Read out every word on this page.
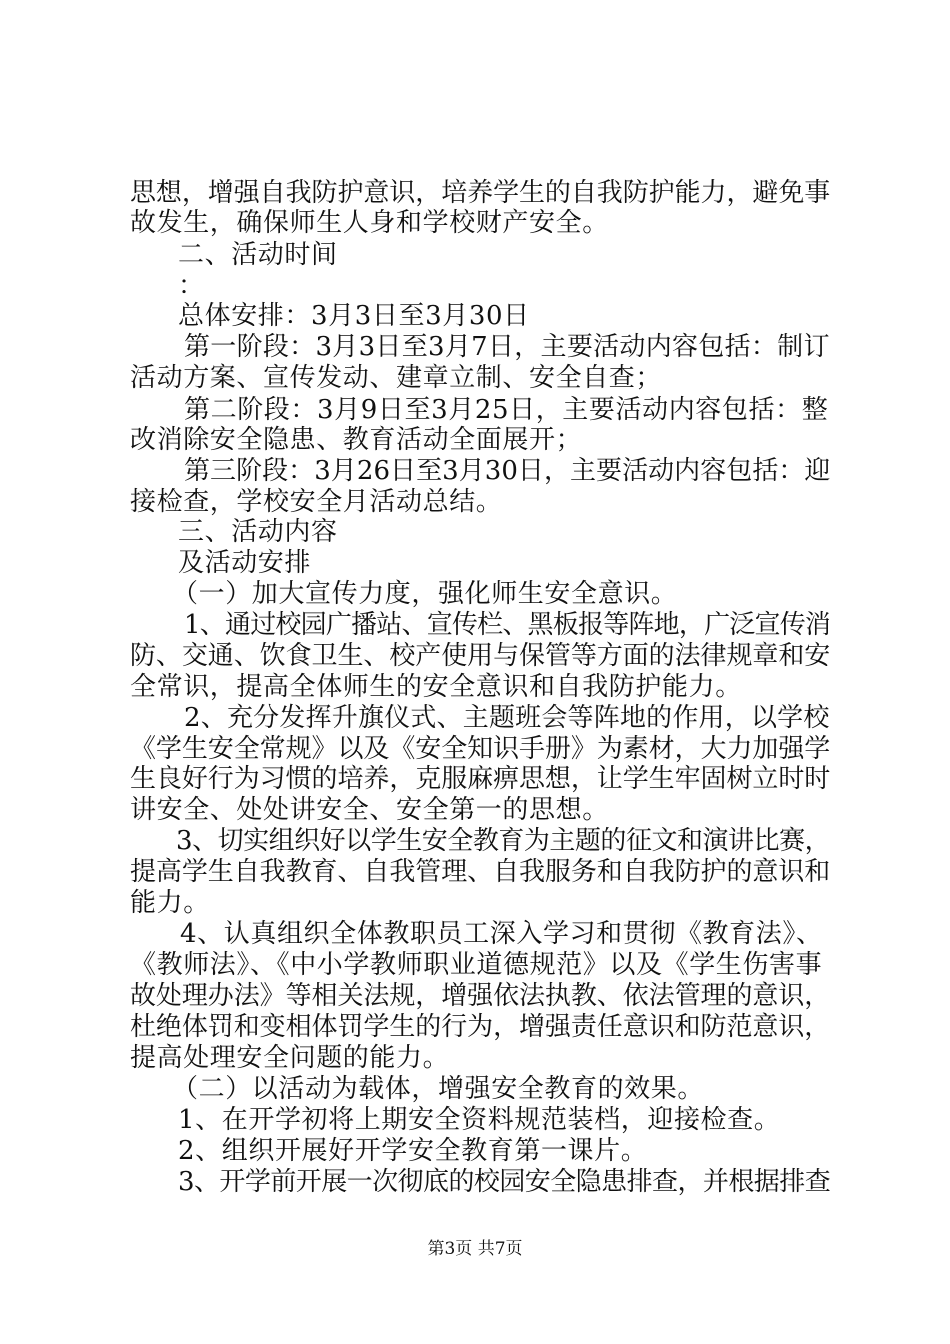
思想，增强自我防护意识，培养学生的自我防护能力，避免事
故发生，确保师生人身和学校财产安全。
二、活动时间
：
总体安排：3月3日至3月30日
第一阶段：3月3日至3月7日，主要活动内容包括：制订
活动方案、宣传发动、建章立制、安全自查；
第二阶段：3月9日至3月25日，主要活动内容包括：整
改消除安全隐患、教育活动全面展开；
第三阶段：3月26日至3月30日，主要活动内容包括：迎
接检查，学校安全月活动总结。
三、活动内容
及活动安排
（一）加大宣传力度，强化师生安全意识。
1、通过校园广播站、宣传栏、黑板报等阵地，广泛宣传消
防、交通、饮食卫生、校产使用与保管等方面的法律规章和安
全常识，提高全体师生的安全意识和自我防护能力。
2、充分发挥升旗仪式、主题班会等阵地的作用，以学校
《学生安全常规》以及《安全知识手册》为素材，大力加强学
生良好行为习惯的培养，克服麻痹思想，让学生牢固树立时时
讲安全、处处讲安全、安全第一的思想。
3、切实组织好以学生安全教育为主题的征文和演讲比赛，
提高学生自我教育、自我管理、自我服务和自我防护的意识和
能力。
4、认真组织全体教职员工深入学习和贯彻《教育法》、
《教师法》、《中小学教师职业道德规范》以及《学生伤害事
故处理办法》等相关法规，增强依法执教、依法管理的意识，
杜绝体罚和变相体罚学生的行为，增强责任意识和防范意识，
提高处理安全问题的能力。
（二）以活动为载体，增强安全教育的效果。
1、在开学初将上期安全资料规范装档，迎接检查。
2、组织开展好开学安全教育第一课片。
3、开学前开展一次彻底的校园安全隐患排查，并根据排查
第3页 共7页
